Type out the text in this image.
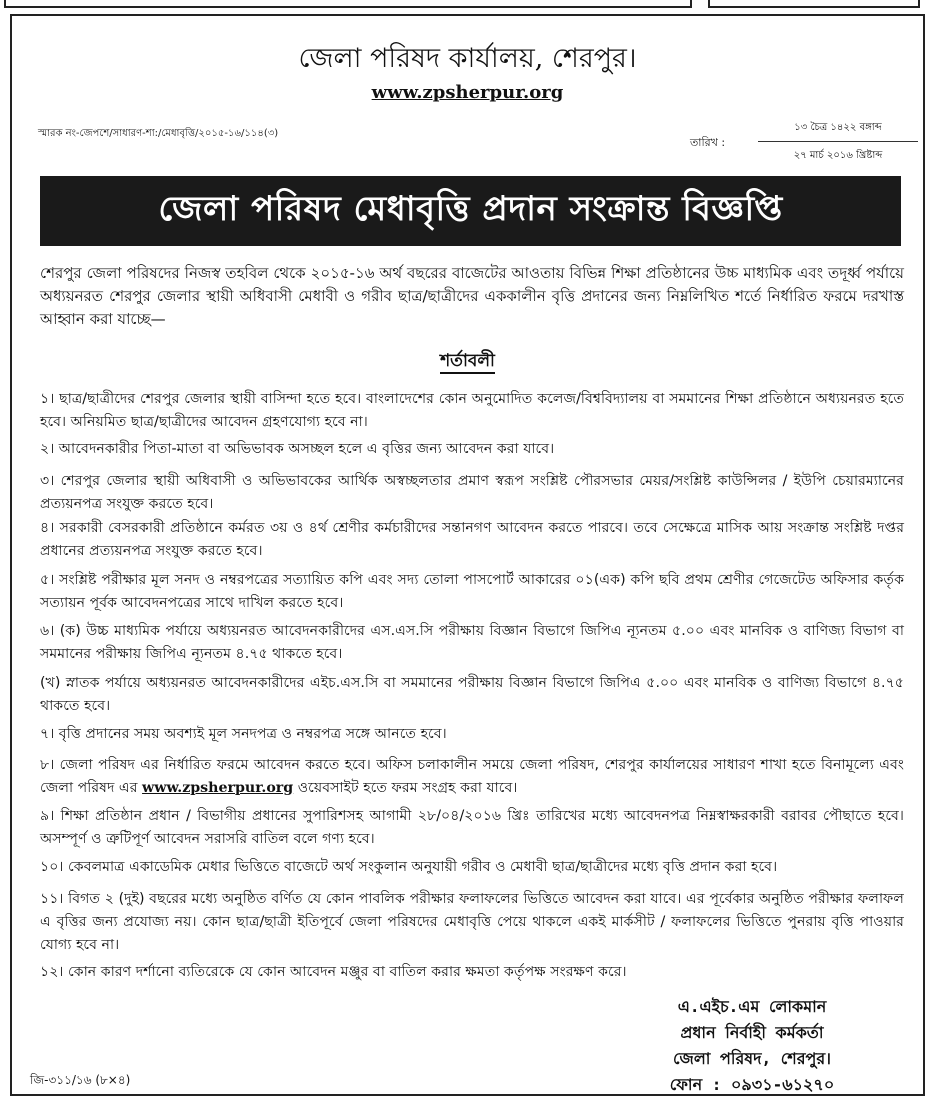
জেলা পরিষদ কার্যালয়, শেরপুর।
www.zpsherpur.org
স্মারক নং-জেপশে/সাধারণ-শা:/মেধাবৃত্তি/২০১৫-১৬/১১৪(৩)
তারিখ :
১৩ চৈত্র ১৪২২ বঙ্গাব্দ
২৭ মার্চ ২০১৬ খ্রিষ্টাব্দ
জেলা পরিষদ মেধাবৃত্তি প্রদান সংক্রান্ত বিজ্ঞপ্তি
শেরপুর জেলা পরিষদের নিজস্ব তহবিল থেকে ২০১৫-১৬ অর্থ বছরের বাজেটের আওতায় বিভিন্ন শিক্ষা প্রতিষ্ঠানের উচ্চ মাধ্যমিক এবং তদূর্ধ্ব পর্যায়ে অধ্যয়নরত শেরপুর জেলার স্থায়ী অধিবাসী মেধাবী ও গরীব ছাত্র/ছাত্রীদের এককালীন বৃত্তি প্রদানের জন্য নিম্নলিখিত শর্তে নির্ধারিত ফরমে দরখাস্ত আহ্বান করা যাচ্ছে—
শর্তাবলী
১। ছাত্র/ছাত্রীদের শেরপুর জেলার স্থায়ী বাসিন্দা হতে হবে। বাংলাদেশের কোন অনুমোদিত কলেজ/বিশ্ববিদ্যালয় বা সমমানের শিক্ষা প্রতিষ্ঠানে অধ্যয়নরত হতে হবে। অনিয়মিত ছাত্র/ছাত্রীদের আবেদন গ্রহণযোগ্য হবে না।
২। আবেদনকারীর পিতা-মাতা বা অভিভাবক অসচ্ছল হলে এ বৃত্তির জন্য আবেদন করা যাবে।
৩। শেরপুর জেলার স্থায়ী অধিবাসী ও অভিভাবকের আর্থিক অস্বচ্ছলতার প্রমাণ স্বরূপ সংশ্লিষ্ট পৌরসভার মেয়র/সংশ্লিষ্ট কাউন্সিলর / ইউপি চেয়ারম্যানের প্রত্যয়নপত্র সংযুক্ত করতে হবে।
৪। সরকারী বেসরকারী প্রতিষ্ঠানে কর্মরত ৩য় ও ৪র্থ শ্রেণীর কর্মচারীদের সন্তানগণ আবেদন করতে পারবে। তবে সেক্ষেত্রে মাসিক আয় সংক্রান্ত সংশ্লিষ্ট দপ্তর প্রধানের প্রত্যয়নপত্র সংযুক্ত করতে হবে।
৫। সংশ্লিষ্ট পরীক্ষার মূল সনদ ও নম্বরপত্রের সত্যায়িত কপি এবং সদ্য তোলা পাসপোর্ট আকারের ০১(এক) কপি ছবি প্রথম শ্রেণীর গেজেটেড অফিসার কর্তৃক সত্যায়ন পূর্বক আবেদনপত্রের সাথে দাখিল করতে হবে।
৬। (ক) উচ্চ মাধ্যমিক পর্যায়ে অধ্যয়নরত আবেদনকারীদের এস.এস.সি পরীক্ষায় বিজ্ঞান বিভাগে জিপিএ ন্যূনতম ৫.০০ এবং মানবিক ও বাণিজ্য বিভাগ বা সমমানের পরীক্ষায় জিপিএ ন্যূনতম ৪.৭৫ থাকতে হবে।
(খ) স্নাতক পর্যায়ে অধ্যয়নরত আবেদনকারীদের এইচ.এস.সি বা সমমানের পরীক্ষায় বিজ্ঞান বিভাগে জিপিএ ৫.০০ এবং মানবিক ও বাণিজ্য বিভাগে ৪.৭৫ থাকতে হবে।
৭। বৃত্তি প্রদানের সময় অবশ্যই মূল সনদপত্র ও নম্বরপত্র সঙ্গে আনতে হবে।
৮। জেলা পরিষদ এর নির্ধারিত ফরমে আবেদন করতে হবে। অফিস চলাকালীন সময়ে জেলা পরিষদ, শেরপুর কার্যালয়ের সাধারণ শাখা হতে বিনামূল্যে এবং জেলা পরিষদ এর www.zpsherpur.org ওয়েবসাইট হতে ফরম সংগ্রহ করা যাবে।
৯। শিক্ষা প্রতিষ্ঠান প্রধান / বিভাগীয় প্রধানের সুপারিশসহ আগামী ২৮/০৪/২০১৬ খ্রিঃ তারিখের মধ্যে আবেদনপত্র নিম্নস্বাক্ষরকারী বরাবর পৌছাতে হবে। অসম্পূর্ণ ও ত্রুটিপূর্ণ আবেদন সরাসরি বাতিল বলে গণ্য হবে।
১০। কেবলমাত্র একাডেমিক মেধার ভিত্তিতে বাজেটে অর্থ সংকুলান অনুযায়ী গরীব ও মেধাবী ছাত্র/ছাত্রীদের মধ্যে বৃত্তি প্রদান করা হবে।
১১। বিগত ২ (দুই) বছরের মধ্যে অনুষ্ঠিত বর্ণিত যে কোন পাবলিক পরীক্ষার ফলাফলের ভিত্তিতে আবেদন করা যাবে। এর পূর্বেকার অনুষ্ঠিত পরীক্ষার ফলাফল এ বৃত্তির জন্য প্রযোজ্য নয়। কোন ছাত্র/ছাত্রী ইতিপূর্বে জেলা পরিষদের মেধাবৃত্তি পেয়ে থাকলে একই মার্কসীট / ফলাফলের ভিত্তিতে পুনরায় বৃত্তি পাওয়ার যোগ্য হবে না।
১২। কোন কারণ দর্শানো ব্যতিরেকে যে কোন আবেদন মঞ্জুর বা বাতিল করার ক্ষমতা কর্তৃপক্ষ সংরক্ষণ করে।
এ.এইচ.এম লোকমান
প্রধান নির্বাহী কর্মকর্তা
জেলা পরিষদ, শেরপুর।
ফোন : ০৯৩১-৬১২৭০
জি-৩১১/১৬ (৮×৪)
